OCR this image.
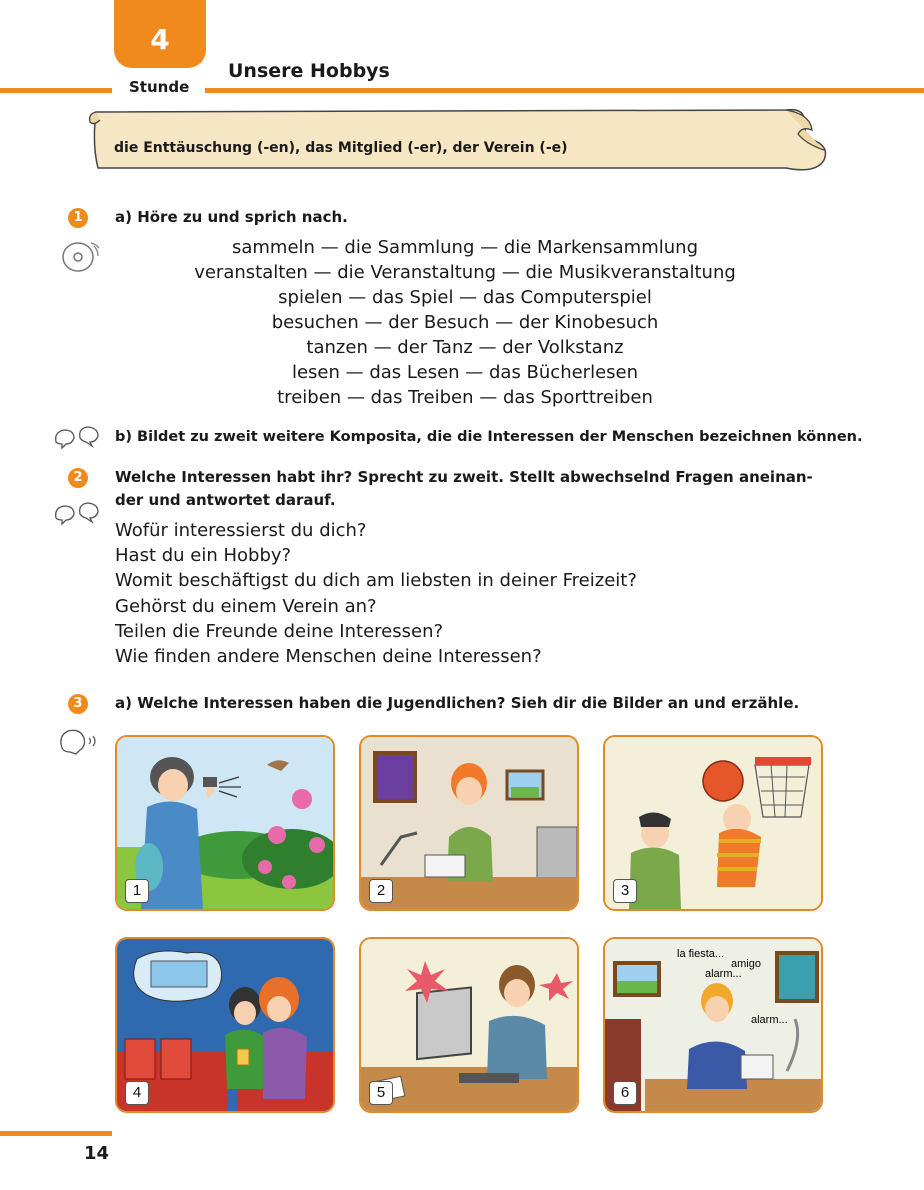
4
Stunde
Unsere Hobbys
die Enttäuschung (-en), das Mitglied (-er), der Verein (-e)
1	a) Höre zu und sprich nach.
sammeln — die Sammlung — die Markensammlung
veranstalten — die Veranstaltung — die Musikveranstaltung
spielen — das Spiel — das Computerspiel
besuchen — der Besuch — der Kinobesuch
tanzen — der Tanz — der Volkstanz
lesen — das Lesen — das Bücherlesen
treiben — das Treiben — das Sporttreiben
b) Bildet zu zweit weitere Komposita, die die Interessen der Menschen bezeichnen können.
2	Welche Interessen habt ihr? Sprecht zu zweit. Stellt abwechselnd Fragen aneinan-
der und antwortet darauf.
Wofür interessierst du dich?
Hast du ein Hobby?
Womit beschäftigst du dich am liebsten in deiner Freizeit?
Gehörst du einem Verein an?
Teilen die Freunde deine Interessen?
Wie finden andere Menschen deine Interessen?
3	a) Welche Interessen haben die Jugendlichen? Sieh dir die Bilder an und erzähle.
1	2	3
4	5
la fiesta...
amigo
alarm...
alarm...
6
14
